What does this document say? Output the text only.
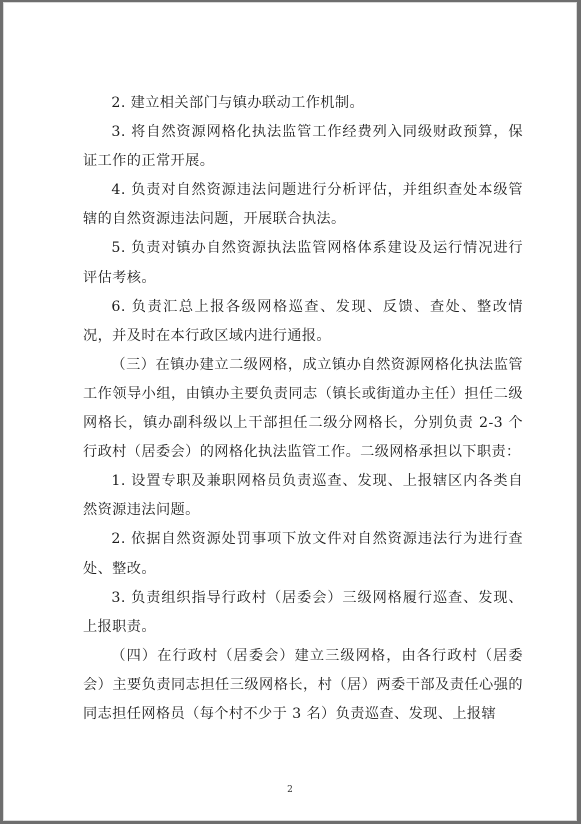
2. 建立相关部门与镇办联动工作机制。

3. 将自然资源网格化执法监管工作经费列入同级财政预算，保证工作的正常开展。

4. 负责对自然资源违法问题进行分析评估，并组织查处本级管辖的自然资源违法问题，开展联合执法。

5. 负责对镇办自然资源执法监管网格体系建设及运行情况进行评估考核。

6. 负责汇总上报各级网格巡查、发现、反馈、查处、整改情况，并及时在本行政区域内进行通报。

（三）在镇办建立二级网格，成立镇办自然资源网格化执法监管工作领导小组，由镇办主要负责同志（镇长或街道办主任）担任二级网格长，镇办副科级以上干部担任二级分网格长，分别负责 2-3 个行政村（居委会）的网格化执法监管工作。二级网格承担以下职责：

1. 设置专职及兼职网格员负责巡查、发现、上报辖区内各类自然资源违法问题。

2. 依据自然资源处罚事项下放文件对自然资源违法行为进行查处、整改。

3. 负责组织指导行政村（居委会）三级网格履行巡查、发现、上报职责。

（四）在行政村（居委会）建立三级网格，由各行政村（居委会）主要负责同志担任三级网格长，村（居）两委干部及责任心强的同志担任网格员（每个村不少于 3 名）负责巡查、发现、上报辖

2
